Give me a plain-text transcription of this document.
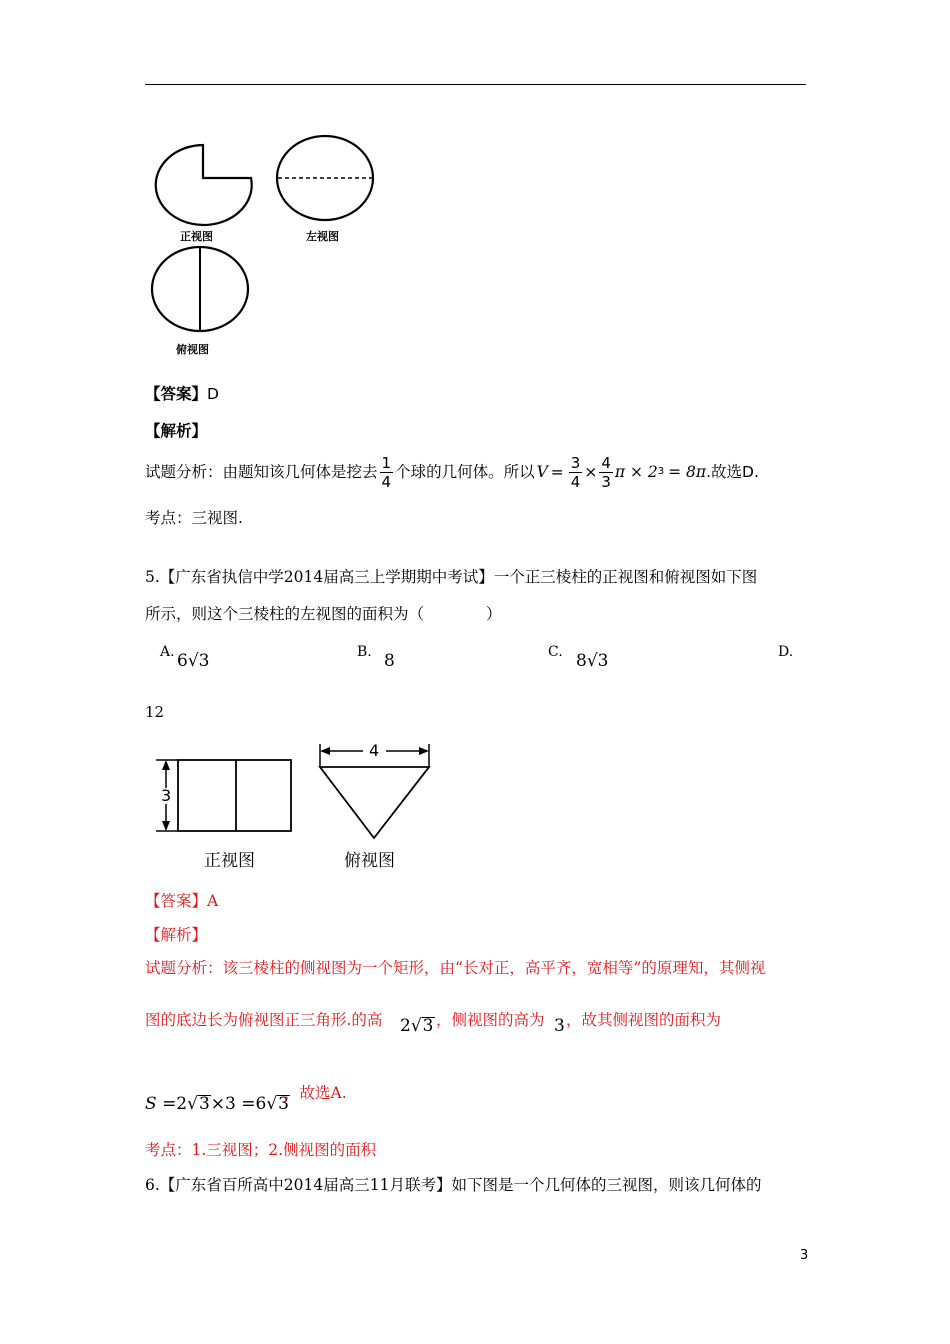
正视图	左视图
俯视图
【答案】D
【解析】
试题分析：由题知该几何体是挖去 $\frac{1}{4}$ 个球的几何体。所以 $V = \frac{3}{4} \times \frac{4}{3}$ π × 2 3 = 8π .故选D.
考点：三视图.
5.【广东省执信中学2014届高三上学期期中考试】一个正三棱柱的正视图和俯视图如下图
所示，则这个三棱柱的左视图的面积为（　　　　）
A. 6√3	B. 8	C. 8√3	D.
12
3
4
正视图	俯视图
【答案】A
【解析】
试题分析：该三棱柱的侧视图为一个矩形，由“长对正，高平齐，宽相等”的原理知，其侧视
图的底边长为俯视图正三角形.的高 2√3 ，侧视图的高为 3 ，故其侧视图的面积为
S =2√3×3 =6√3
，故选A.
考点：1.三视图；2.侧视图的面积
6.【广东省百所高中2014届高三11月联考】如下图是一个几何体的三视图，则该几何体的
3
